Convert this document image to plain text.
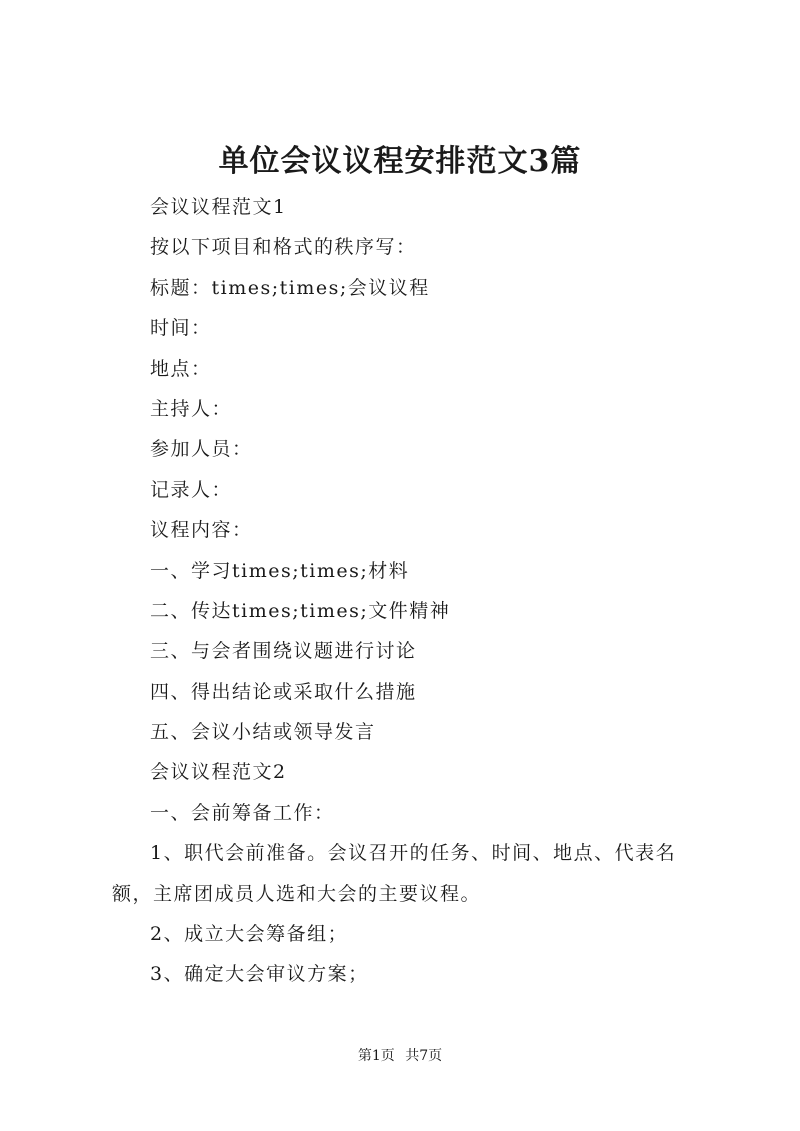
单位会议议程安排范文3篇

会议议程范文1

按以下项目和格式的秩序写：

标题：times;times;会议议程

时间：

地点：

主持人：

参加人员：

记录人：

议程内容：

一、学习times;times;材料

二、传达times;times;文件精神

三、与会者围绕议题进行讨论

四、得出结论或采取什么措施

五、会议小结或领导发言

会议议程范文2

一、会前筹备工作：

1、职代会前准备。会议召开的任务、时间、地点、代表名额，主席团成员人选和大会的主要议程。

2、成立大会筹备组；

3、确定大会审议方案；

第1页 共7页
